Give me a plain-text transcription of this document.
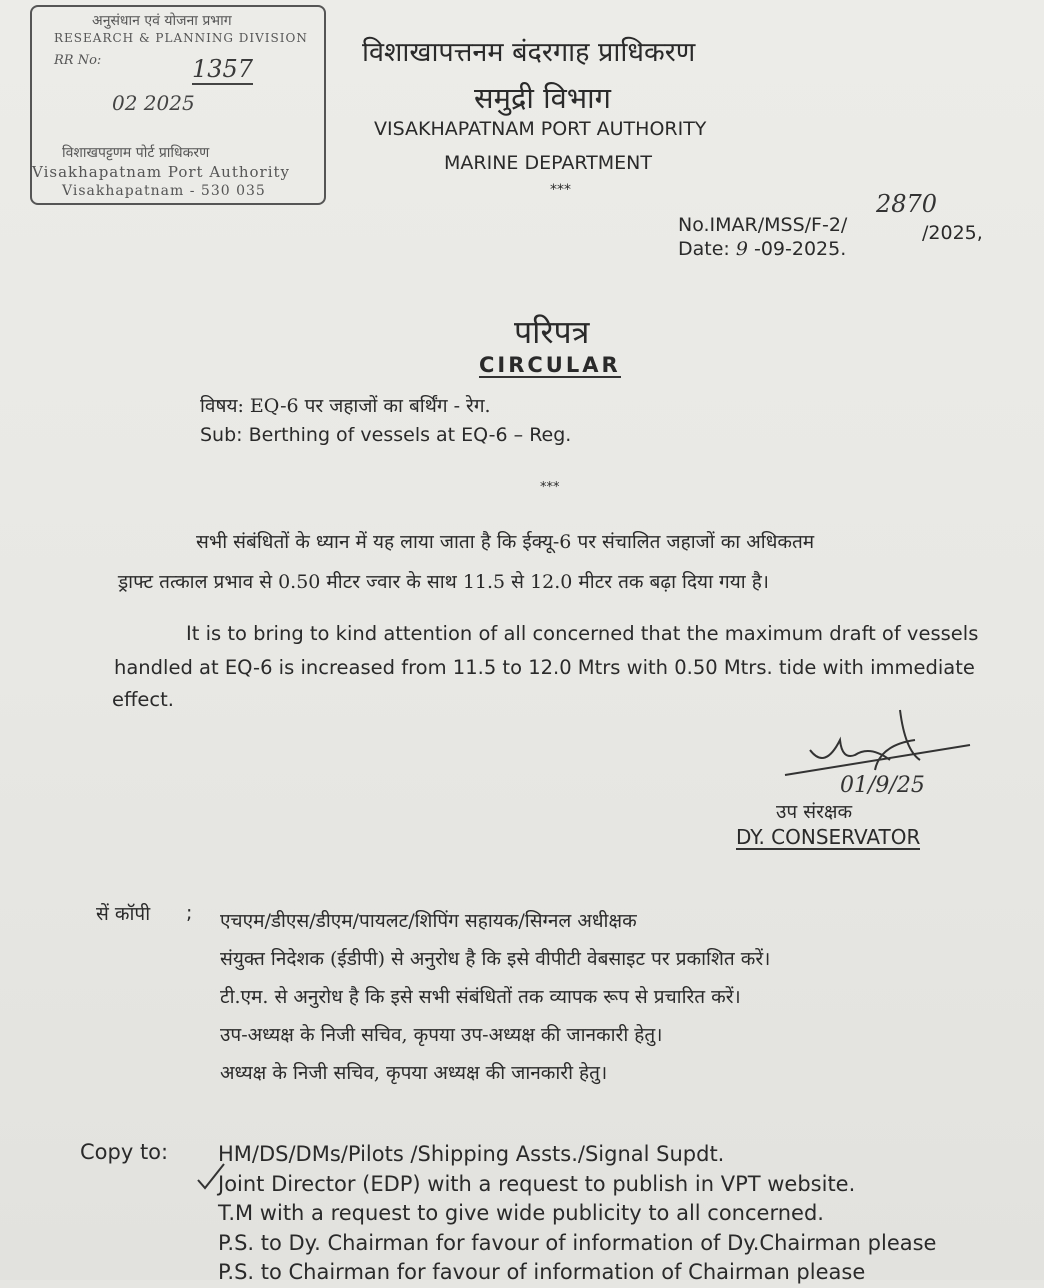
अनुसंधान एवं योजना प्रभाग
RESEARCH & PLANNING DIVISION
RR No:	1357
02 2025
विशाखपट्टणम पोर्ट प्राधिकरण
Visakhapatnam Port Authority
Visakhapatnam - 530 035
विशाखापत्तनम बंदरगाह प्राधिकरण
समुद्री विभाग
VISAKHAPATNAM PORT AUTHORITY
MARINE DEPARTMENT
***
No.IMAR/MSS/F-2/
2870
/2025,
Date: 9 -09-2025.
परिपत्र
CIRCULAR
विषय: EQ-6 पर जहाजों का बर्थिंग - रेग.
Sub: Berthing of vessels at EQ-6 – Reg.
***
सभी संबंधितों के ध्यान में यह लाया जाता है कि ईक्यू-6 पर संचालित जहाजों का अधिकतम
ड्राफ्ट तत्काल प्रभाव से 0.50 मीटर ज्वार के साथ 11.5 से 12.0 मीटर तक बढ़ा दिया गया है।
It is to bring to kind attention of all concerned that the maximum draft of vessels
handled at EQ-6 is increased from 11.5 to 12.0 Mtrs with 0.50 Mtrs. tide with immediate
effect.
01/9/25
उप संरक्षक
DY. CONSERVATOR
सें कॉपी ; एचएम/डीएस/डीएम/पायलट/शिपिंग सहायक/सिग्नल अधीक्षक
संयुक्त निदेशक (ईडीपी) से अनुरोध है कि इसे वीपीटी वेबसाइट पर प्रकाशित करें।
टी.एम. से अनुरोध है कि इसे सभी संबंधितों तक व्यापक रूप से प्रचारित करें।
उप-अध्यक्ष के निजी सचिव, कृपया उप-अध्यक्ष की जानकारी हेतु।
अध्यक्ष के निजी सचिव, कृपया अध्यक्ष की जानकारी हेतु।
Copy to: HM/DS/DMs/Pilots /Shipping Assts./Signal Supdt.
Joint Director (EDP) with a request to publish in VPT website.
T.M with a request to give wide publicity to all concerned.
P.S. to Dy. Chairman for favour of information of Dy.Chairman please
P.S. to Chairman for favour of information of Chairman please
